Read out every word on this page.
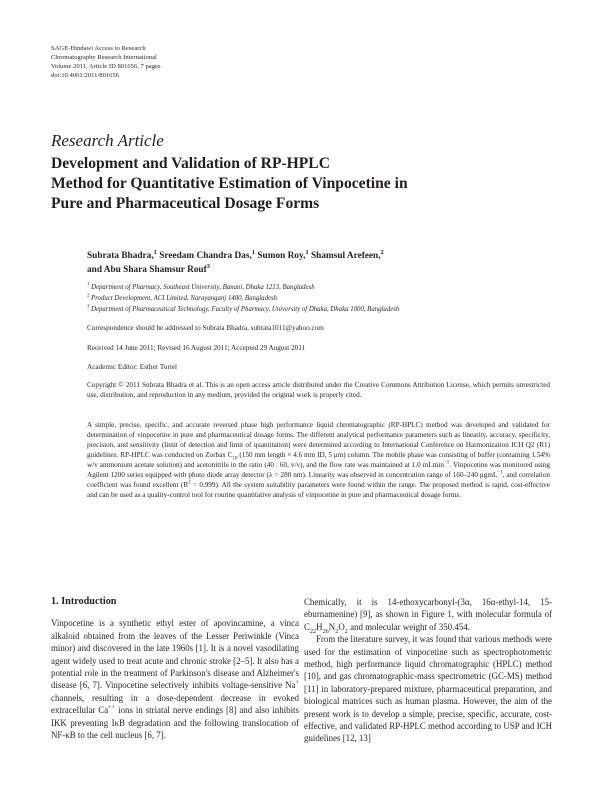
SAGE-Hindawi Access to Research
Chromatography Research International
Volume 2011, Article ID 801656, 7 pages
doi:10.4061/2011/801656
Research Article
Development and Validation of RP-HPLC
Method for Quantitative Estimation of Vinpocetine in
Pure and Pharmaceutical Dosage Forms
Subrata Bhadra,$^1$ Sreedam Chandra Das,$^1$ Sumon Roy,$^1$ Shamsul Arefeen,$^2$
and Abu Shara Shamsur Rouf$^3$
$^1$ Department of Pharmacy, Southeast University, Banani, Dhaka 1213, Bangladesh
$^2$ Product Development, ACI Limited, Narayanganj 1400, Bangladesh
$^3$ Department of Pharmaceutical Technology, Faculty of Pharmacy, University of Dhaka, Dhaka 1000, Bangladesh
Correspondence should be addressed to Subrata Bhadra, subrata1011@yahoo.com
Received 14 June 2011; Revised 16 August 2011; Accepted 29 August 2011
Academic Editor: Esther Turiel
Copyright © 2011 Subrata Bhadra et al. This is an open access article distributed under the Creative Commons Attribution License, which permits unrestricted use, distribution, and reproduction in any medium, provided the original work is properly cited.
A simple, precise, specific, and accurate reversed phase high performance liquid chromatographic (RP-HPLC) method was developed and validated for determination of vinpocetine in pure and pharmaceutical dosage forms. The different analytical performance parameters such as linearity, accuracy, specificity, precision, and sensitivity (limit of detection and limit of quantitation) were determined according to International Conference on Harmonization ICH Q2 (R1) guidelines. RP-HPLC was conducted on Zorbax $C_{18}$ (150 mm length × 4.6 mm ID, 5 μm) column. The mobile phase was consisting of buffer (containing 1.54% w/v ammonium acetate solution) and acetonitrile in the ratio (40 : 60, v/v), and the flow rate was maintained at 1.0 mLmin$^{-1}$. Vinpocetine was monitored using Agilent 1200 series equipped with photo diode array detector (λ = 280 nm). Linearity was observed in concentration range of 160–240 μgmL$^{-1}$, and correlation coefficient was found excellent $(R^2 = 0.999)$. All the system suitability parameters were found within the range. The proposed method is rapid, cost-effective and can be used as a quality-control tool for routine quantitative analysis of vinpocetine in pure and pharmaceutical dosage forms.
1. Introduction

Vinpocetine is a synthetic ethyl ester of apovincamine, a vinca alkaloid obtained from the leaves of the Lesser Periwinkle (Vinca minor) and discovered in the late 1960s [1]. It is a novel vasodilating agent widely used to treat acute and chronic stroke [2–5]. It also has a potential role in the treatment of Parkinson's disease and Alzheimer's disease [6, 7]. Vinpocetine selectively inhibits voltage-sensitive Na+ channels, resulting in a dose-dependent decrease in evoked extracellular Ca++ ions in striatal nerve endings [8] and also inhibits IKK preventing IκB degradation and the following translocation of NF-κB to the cell nucleus [6, 7].

Chemically, it is 14-ethoxycarbonyl-(3α, 16α-ethyl-14, 15-eburnamenine) [9], as shown in Figure 1, with molecular formula of $C_{22}H_{26}N_2O_2$ and molecular weight of 350.454.

From the literature survey, it was found that various methods were used for the estimation of vinpocetine such as spectrophotometric method, high performance liquid chromatographic (HPLC) method [10], and gas chromatographic-mass spectrometric (GC-MS) method [11] in laboratory-prepared mixture, pharmaceutical preparation, and biological matrices such as human plasma. However, the aim of the present work is to develop a simple, precise, specific, accurate, cost-effective, and validated RP-HPLC method according to USP and ICH guidelines [12, 13]
